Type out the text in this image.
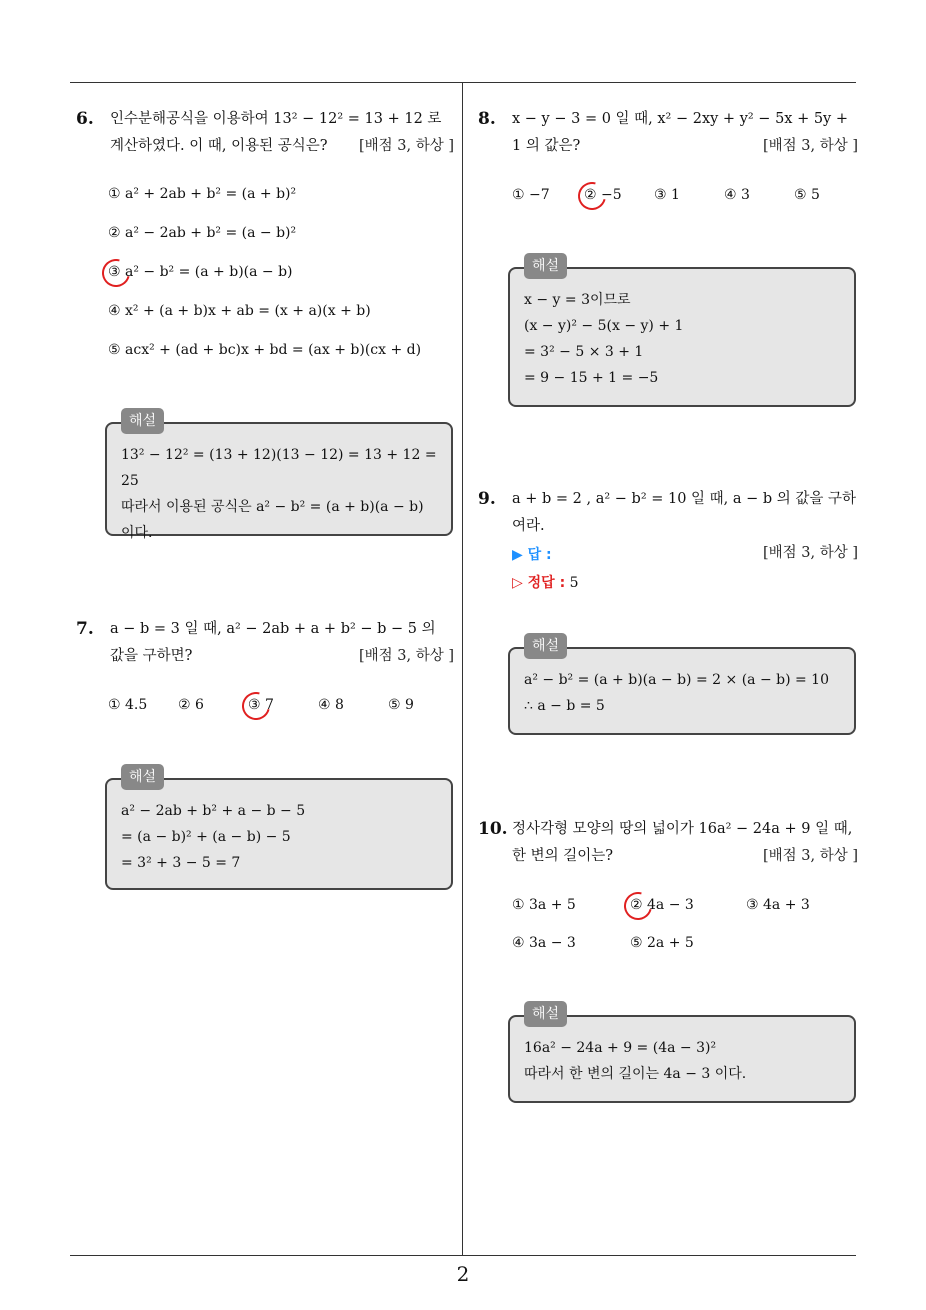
2
6. 인수분해공식을 이용하여 13² − 12² = 13 + 12 로 계산하였다. 이 때, 이용된 공식은?	[배점 3, 하상 ]
① a² + 2ab + b² = (a + b)²
② a² − 2ab + b² = (a − b)²
③ a² − b² = (a + b)(a − b)
④ x² + (a + b)x + ab = (x + a)(x + b)
⑤ acx² + (ad + bc)x + bd = (ax + b)(cx + d)
해설
13² − 12² = (13 + 12)(13 − 12) = 13 + 12 = 25
따라서 이용된 공식은 a² − b² = (a + b)(a − b)
이다.
7. a − b = 3 일 때, a² − 2ab + a + b² − b − 5 의 값을 구하면?	[배점 3, 하상 ]
① 4.5 ② 6	③ 7	④ 8	⑤ 9
해설
a² − 2ab + b² + a − b − 5
= (a − b)² + (a − b) − 5
= 3² + 3 − 5 = 7
8. x − y − 3 = 0 일 때, x² − 2xy + y² − 5x + 5y + 1 의 값은?	[배점 3, 하상 ]
① −7 ② −5 ③ 1	④ 3	⑤ 5
해설
x − y = 3이므로
(x − y)² − 5(x − y) + 1
= 3² − 5 × 3 + 1
= 9 − 15 + 1 = −5
9. a + b = 2 , a² − b² = 10 일 때, a − b 의 값을 구하여라.
[배점 3, 하상 ]
▶ 답 :
▷ 정답 : 5
해설
a² − b² = (a + b)(a − b) = 2 × (a − b) = 10
∴ a − b = 5
10. 정사각형 모양의 땅의 넓이가 16a² − 24a + 9 일 때, 한 변의 길이는?	[배점 3, 하상 ]
① 3a + 5	② 4a − 3	③ 4a + 3
④ 3a − 3	⑤ 2a + 5
해설
16a² − 24a + 9 = (4a − 3)²
따라서 한 변의 길이는 4a − 3 이다.
